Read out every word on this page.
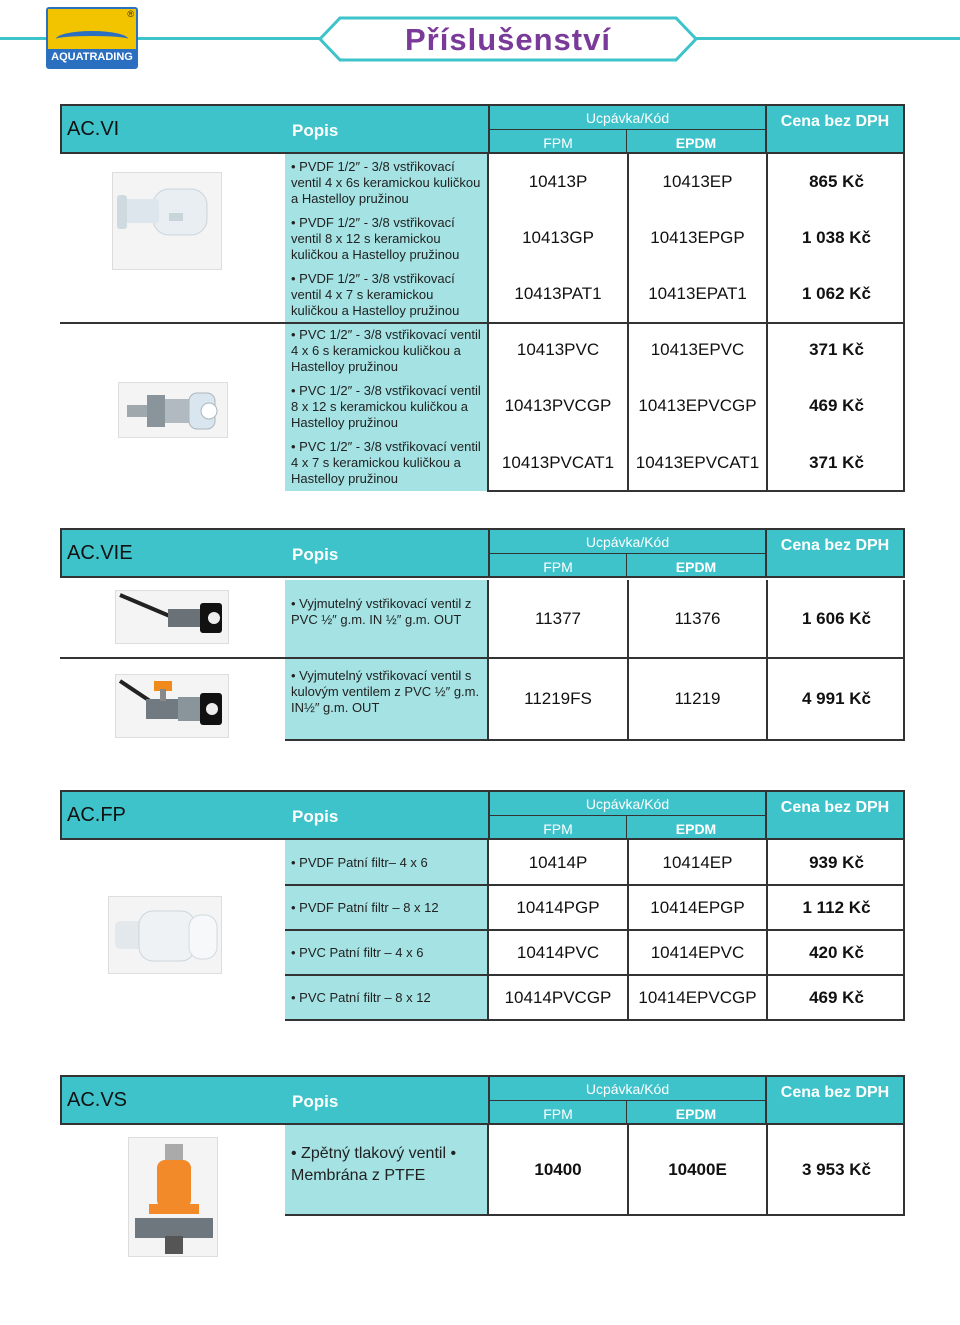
®
AQUATRADING	Příslušenství
AC.VI	Popis
Ucpávka/Kód
FPM	EPDM
Cena bez DPH
• PVDF 1/2″ - 3/8 vstřikovací ventil 4 x 6s keramickou kuličkou a Hastelloy pružinou
10413P	10413EP	865 Kč
• PVDF 1/2″ - 3/8 vstřikovací ventil 8 x 12 s keramickou kuličkou a Hastelloy pružinou
10413GP	10413EPGP	1 038 Kč
• PVDF 1/2″ - 3/8 vstřikovací ventil 4 x 7 s keramickou kuličkou a Hastelloy pružinou
10413PAT1	10413EPAT1	1 062 Kč
• PVC 1/2″ - 3/8 vstřikovací ventil 4 x 6 s keramickou kuličkou a Hastelloy pružinou
10413PVC	10413EPVC	371 Kč
• PVC 1/2″ - 3/8 vstřikovací ventil 8 x 12 s keramickou kuličkou a Hastelloy pružinou
10413PVCGP	10413EPVCGP	469 Kč
• PVC 1/2″ - 3/8 vstřikovací ventil 4 x 7 s keramickou kuličkou a Hastelloy pružinou
10413PVCAT1	10413EPVCAT1	371 Kč
AC.VIE	Popis
Ucpávka/Kód
FPM	EPDM
Cena bez DPH
• Vyjmutelný vstřikovací ventil z PVC ½″ g.m. IN ½″ g.m. OUT	11377	11376	1 606 Kč
• Vyjmutelný vstřikovací ventil s kulovým ventilem z PVC ½″ g.m. IN½″ g.m. OUT	11219FS	11219	4 991 Kč
AC.FP	Popis
Ucpávka/Kód
FPM	EPDM
Cena bez DPH
• PVDF Patní filtr– 4 x 6	10414P	10414EP	939 Kč
• PVDF Patní filtr – 8 x 12	10414PGP	10414EPGP	1 112 Kč
• PVC Patní filtr – 4 x 6	10414PVC	10414EPVC	420 Kč
• PVC Patní filtr – 8 x 12	10414PVCGP	10414EPVCGP	469 Kč
AC.VS	Popis
Ucpávka/Kód
FPM	EPDM
Cena bez DPH
• Zpětný tlakový ventil • Membrána z PTFE	10400	10400E	3 953 Kč
